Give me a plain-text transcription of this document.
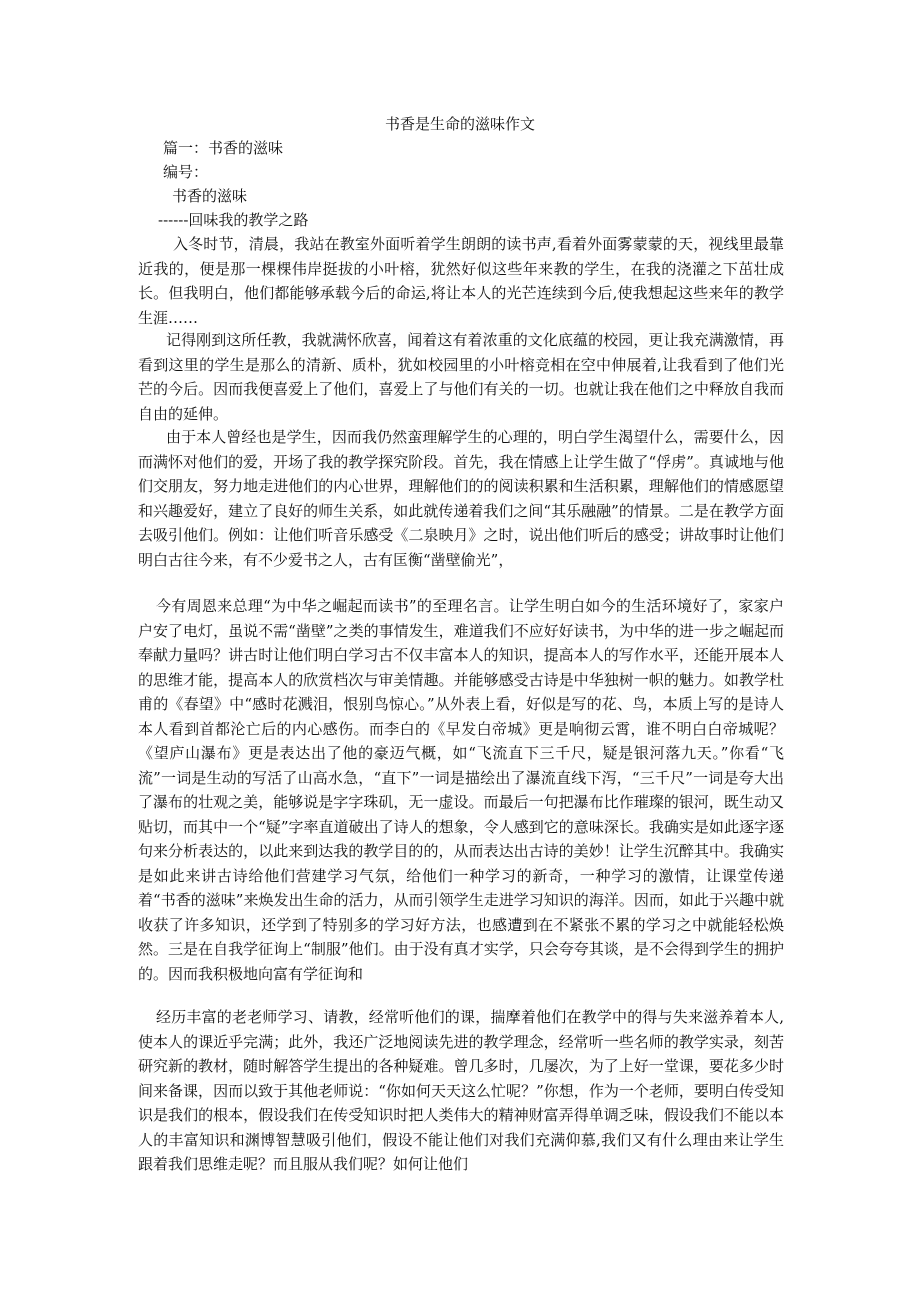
书香是生命的滋味作文
篇一：书香的滋味
编号：
书香的滋味
------回味我的教学之路

入冬时节，清晨，我站在教室外面听着学生朗朗的读书声,看着外面雾蒙蒙的天，视线里最靠近我的，便是那一棵棵伟岸挺拔的小叶榕，犹然好似这些年来教的学生，在我的浇灌之下茁壮成长。但我明白，他们都能够承载今后的命运,将让本人的光芒连续到今后,使我想起这些来年的教学生涯……

记得刚到这所任教，我就满怀欣喜，闻着这有着浓重的文化底蕴的校园，更让我充满激情，再看到这里的学生是那么的清新、质朴，犹如校园里的小叶榕竞相在空中伸展着,让我看到了他们光芒的今后。因而我便喜爱上了他们，喜爱上了与他们有关的一切。也就让我在他们之中释放自我而自由的延伸。

由于本人曾经也是学生，因而我仍然蛮理解学生的心理的，明白学生渴望什么，需要什么，因而满怀对他们的爱，开场了我的教学探究阶段。首先，我在情感上让学生做了“俘虏”。真诚地与他们交朋友，努力地走进他们的内心世界，理解他们的的阅读积累和生活积累，理解他们的情感愿望和兴趣爱好，建立了良好的师生关系，如此就传递着我们之间“其乐融融”的情景。二是在教学方面去吸引他们。例如：让他们听音乐感受《二泉映月》之时，说出他们听后的感受；讲故事时让他们明白古往今来，有不少爱书之人，古有匡衡“凿壁偷光”，

今有周恩来总理“为中华之崛起而读书”的至理名言。让学生明白如今的生活环境好了，家家户户安了电灯，虽说不需“凿壁”之类的事情发生，难道我们不应好好读书，为中华的进一步之崛起而奉献力量吗？讲古时让他们明白学习古不仅丰富本人的知识，提高本人的写作水平，还能开展本人的思维才能，提高本人的欣赏档次与审美情趣。并能够感受古诗是中华独树一帜的魅力。如教学杜甫的《春望》中“感时花溅泪，恨别鸟惊心。”从外表上看，好似是写的花、鸟，本质上写的是诗人本人看到首都沦亡后的内心感伤。而李白的《早发白帝城》更是响彻云霄，谁不明白白帝城呢？《望庐山瀑布》更是表达出了他的豪迈气概，如“飞流直下三千尺，疑是银河落九天。”你看“飞流”一词是生动的写活了山高水急，“直下”一词是描绘出了瀑流直线下泻，“三千尺”一词是夸大出了瀑布的壮观之美，能够说是字字珠矶，无一虚设。而最后一句把瀑布比作璀璨的银河，既生动又贴切，而其中一个“疑”字率直道破出了诗人的想象，令人感到它的意味深长。我确实是如此逐字逐句来分析表达的，以此来到达我的教学目的的，从而表达出古诗的美妙！让学生沉醉其中。我确实是如此来讲古诗给他们营建学习气氛，给他们一种学习的新奇，一种学习的激情，让课堂传递着“书香的滋味”来焕发出生命的活力，从而引领学生走进学习知识的海洋。因而，如此于兴趣中就收获了许多知识，还学到了特别多的学习好方法，也感遭到在不紧张不累的学习之中就能轻松焕然。三是在自我学征询上“制服”他们。由于没有真才实学，只会夸夸其谈，是不会得到学生的拥护的。因而我积极地向富有学征询和

经历丰富的老老师学习、请教，经常听他们的课，揣摩着他们在教学中的得与失来滋养着本人,使本人的课近乎完满；此外，我还广泛地阅读先进的教学理念，经常听一些名师的教学实录，刻苦研究新的教材，随时解答学生提出的各种疑难。曾几多时，几屡次，为了上好一堂课，要花多少时间来备课，因而以致于其他老师说：“你如何天天这么忙呢？”你想，作为一个老师，要明白传受知识是我们的根本，假设我们在传受知识时把人类伟大的精神财富弄得单调乏味，假设我们不能以本人的丰富知识和渊博智慧吸引他们，假设不能让他们对我们充满仰慕,我们又有什么理由来让学生跟着我们思维走呢？而且服从我们呢？如何让他们
